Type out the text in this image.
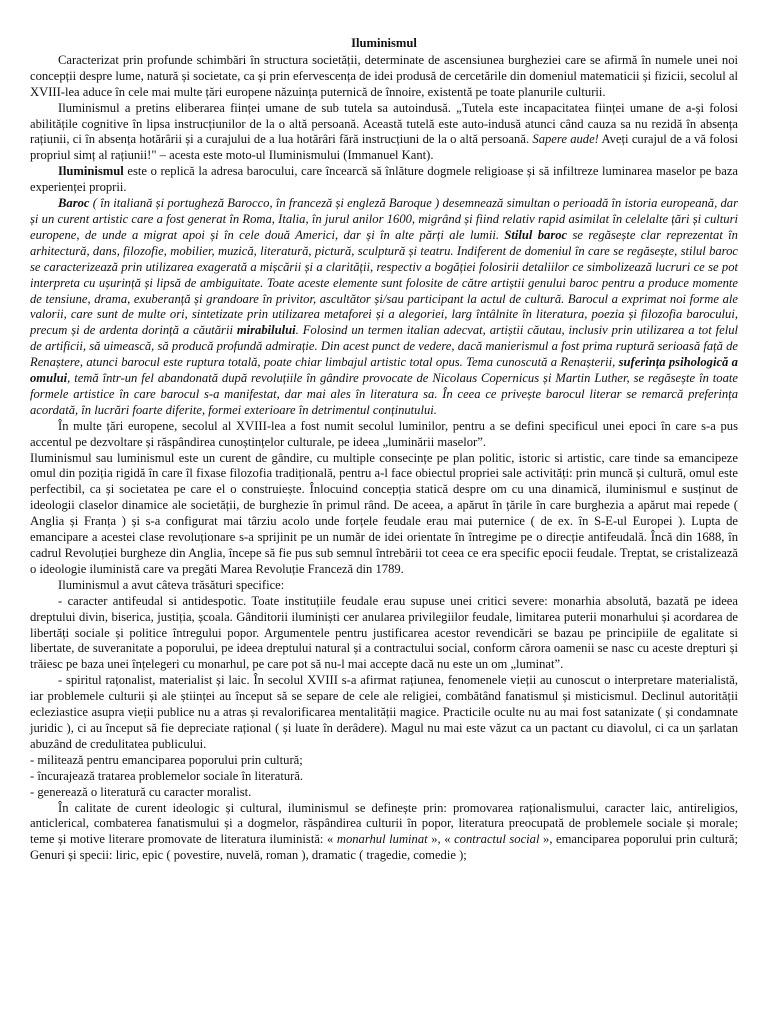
Iluminismul

Caracterizat prin profunde schimbări în structura societății, determinate de ascensiunea burgheziei care se afirmă în numele unei noi concepții despre lume, natură și societate, ca și prin efervescența de idei produsă de cercetările din domeniul matematicii și fizicii, secolul al XVIII-lea aduce în cele mai multe țări europene năzuința puternică de înnoire, existentă pe toate planurile culturii.

Iluminismul a pretins eliberarea ființei umane de sub tutela sa autoindusă. „Tutela este incapacitatea ființei umane de a-și folosi abilitățile cognitive în lipsa instrucțiunilor de la o altă persoană. Această tutelă este auto-indusă atunci când cauza sa nu rezidă în absența rațiunii, ci în absența hotărârii și a curajului de a lua hotărâri fără instrucțiuni de la o altă persoană. Sapere aude! Aveți curajul de a vă folosi propriul simț al rațiunii!" – acesta este moto-ul Iluminismului (Immanuel Kant).

Iluminismul este o replică la adresa barocului, care încearcă să înlăture dogmele religioase și să infiltreze luminarea maselor pe baza experienței proprii.

Baroc ( în italiană și portugheză Barocco, în franceză și engleză Baroque ) desemnează simultan o perioadă în istoria europeană, dar și un curent artistic care a fost generat în Roma, Italia, în jurul anilor 1600, migrând și fiind relativ rapid asimilat în celelalte țări și culturi europene, de unde a migrat apoi și în cele două Americi, dar și în alte părți ale lumii. Stilul baroc se regăsește clar reprezentat în arhitectură, dans, filozofie, mobilier, muzică, literatură, pictură, sculptură și teatru. Indiferent de domeniul în care se regăsește, stilul baroc se caracterizează prin utilizarea exagerată a mișcării și a clarității, respectiv a bogăției folosirii detaliilor ce simbolizează lucruri ce se pot interpreta cu ușurință și lipsă de ambiguitate. Toate aceste elemente sunt folosite de către artiștii genului baroc pentru a produce momente de tensiune, drama, exuberanță și grandoare în privitor, ascultător și/sau participant la actul de cultură. Barocul a exprimat noi forme ale valorii, care sunt de multe ori, sintetizate prin utilizarea metaforei și a alegoriei, larg întâlnite în literatura, poezia și filozofia barocului, precum și de ardenta dorință a căutării mirabilului. Folosind un termen italian adecvat, artiștii căutau, inclusiv prin utilizarea a tot felul de artificii, să uimească, să producă profundă admirație. Din acest punct de vedere, dacă manierismul a fost prima ruptură serioasă față de Renaștere, atunci barocul este ruptura totală, poate chiar limbajul artistic total opus. Tema cunoscută a Renașterii, suferința psihologică a omului, temă într-un fel abandonată după revoluțiile în gândire provocate de Nicolaus Copernicus și Martin Luther, se regăsește în toate formele artistice în care barocul s-a manifestat, dar mai ales în literatura sa. În ceea ce privește barocul literar se remarcă preferința acordată, în lucrări foarte diferite, formei exterioare în detrimentul conținutului.

În multe țări europene, secolul al XVIII-lea a fost numit secolul luminilor, pentru a se defini specificul unei epoci în care s-a pus accentul pe dezvoltare și răspândirea cunoștințelor culturale, pe ideea „luminării maselor”.

Iluminismul sau luminismul este un curent de gândire, cu multiple consecințe pe plan politic, istoric si artistic, care tinde sa emancipeze omul din poziția rigidă în care îl fixase filozofia tradițională, pentru a-l face obiectul propriei sale activități: prin muncă și cultură, omul este perfectibil, ca și societatea pe care el o construiește. Înlocuind concepția statică despre om cu una dinamică, iluminismul e susținut de ideologii claselor dinamice ale societății, de burghezie în primul rând. De aceea, a apărut în țările în care burghezia a apărut mai repede ( Anglia și Franța ) și s-a configurat mai târziu acolo unde forțele feudale erau mai puternice ( de ex. în S-E-ul Europei ). Lupta de emancipare a acestei clase revoluționare s-a sprijinit pe un număr de idei orientate în întregime pe o direcție antifeudală. Încă din 1688, în cadrul Revoluției burgheze din Anglia, începe să fie pus sub semnul întrebării tot ceea ce era specific epocii feudale. Treptat, se cristalizează o ideologie iluministă care va pregăti Marea Revoluție Franceză din 1789.

Iluminismul a avut câteva trăsături specifice:

- caracter antifeudal si antidespotic. Toate instituțiile feudale erau supuse unei critici severe: monarhia absolută, bazată pe ideea dreptului divin, biserica, justiția, școala. Gânditorii iluminiști cer anularea privilegiilor feudale, limitarea puterii monarhului și acordarea de libertăți sociale și politice întregului popor. Argumentele pentru justificarea acestor revendicări se bazau pe principiile de egalitate si libertate, de suveranitate a poporului, pe ideea dreptului natural și a contractului social, conform cărora oamenii se nasc cu aceste drepturi și trăiesc pe baza unei înțelegeri cu monarhul, pe care pot să nu-l mai accepte dacă nu este un om „luminat”.

- spiritul rațonalist, materialist și laic. În secolul XVIII s-a afirmat rațiunea, fenomenele vieții au cunoscut o interpretare materialistă, iar problemele culturii și ale științei au început să se separe de cele ale religiei, combătând fanatismul și misticismul. Declinul autorității ecleziastice asupra vieții publice nu a atras și revalorificarea mentalității magice. Practicile oculte nu au mai fost satanizate ( și condamnate juridic ), ci au început să fie depreciate rațional ( și luate în derâdere). Magul nu mai este văzut ca un pactant cu diavolul, ci ca un șarlatan abuzând de credulitatea publicului.

- militează pentru emanciparea poporului prin cultură;

- încurajează tratarea problemelor sociale în literatură.

- generează o literatură cu caracter moralist.

În calitate de curent ideologic și cultural, iluminismul se definește prin: promovarea raționalismului, caracter laic, antireligios, anticlerical, combaterea fanatismului și a dogmelor, răspândirea culturii în popor, literatura preocupată de problemele sociale și morale; teme și motive literare promovate de literatura iluministă: « monarhul luminat », « contractul social », emanciparea poporului prin cultură; Genuri și specii: liric, epic ( povestire, nuvelă, roman ), dramatic ( tragedie, comedie );
